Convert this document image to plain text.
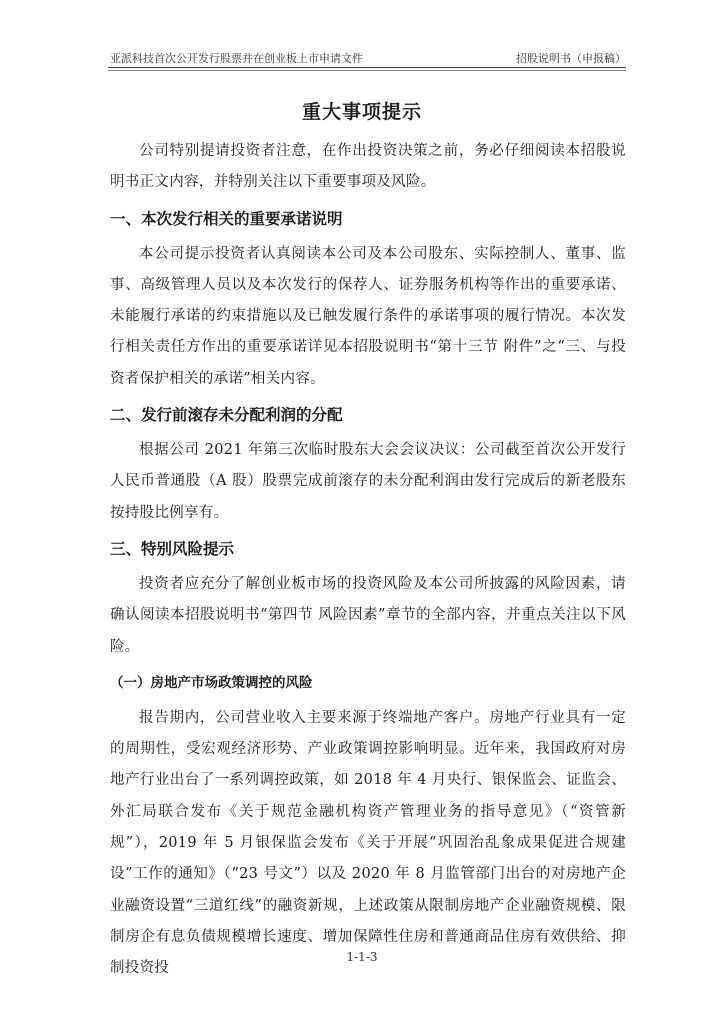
亚派科技首次公开发行股票并在创业板上市申请文件	招股说明书（申报稿）
重大事项提示

公司特别提请投资者注意，在作出投资决策之前，务必仔细阅读本招股说明书正文内容，并特别关注以下重要事项及风险。

一、本次发行相关的重要承诺说明

本公司提示投资者认真阅读本公司及本公司股东、实际控制人、董事、监事、高级管理人员以及本次发行的保荐人、证券服务机构等作出的重要承诺、未能履行承诺的约束措施以及已触发履行条件的承诺事项的履行情况。本次发行相关责任方作出的重要承诺详见本招股说明书“第十三节 附件”之“三、与投资者保护相关的承诺”相关内容。

二、发行前滚存未分配利润的分配

根据公司 2021 年第三次临时股东大会会议决议：公司截至首次公开发行人民币普通股（A 股）股票完成前滚存的未分配利润由发行完成后的新老股东按持股比例享有。

三、特别风险提示

投资者应充分了解创业板市场的投资风险及本公司所披露的风险因素，请确认阅读本招股说明书“第四节 风险因素”章节的全部内容，并重点关注以下风险。

（一）房地产市场政策调控的风险

报告期内，公司营业收入主要来源于终端地产客户。房地产行业具有一定的周期性，受宏观经济形势、产业政策调控影响明显。近年来，我国政府对房地产行业出台了一系列调控政策，如 2018 年 4 月央行、银保监会、证监会、外汇局联合发布《关于规范金融机构资产管理业务的指导意见》（“资管新规”），2019 年 5 月银保监会发布《关于开展“巩固治乱象成果促进合规建设”工作的通知》（“23 号文”）以及 2020 年 8 月监管部门出台的对房地产企业融资设置“三道红线”的融资新规，上述政策从限制房地产企业融资规模、限制房企有息负债规模增长速度、增加保障性住房和普通商品住房有效供给、抑制投资投

1-1-3
